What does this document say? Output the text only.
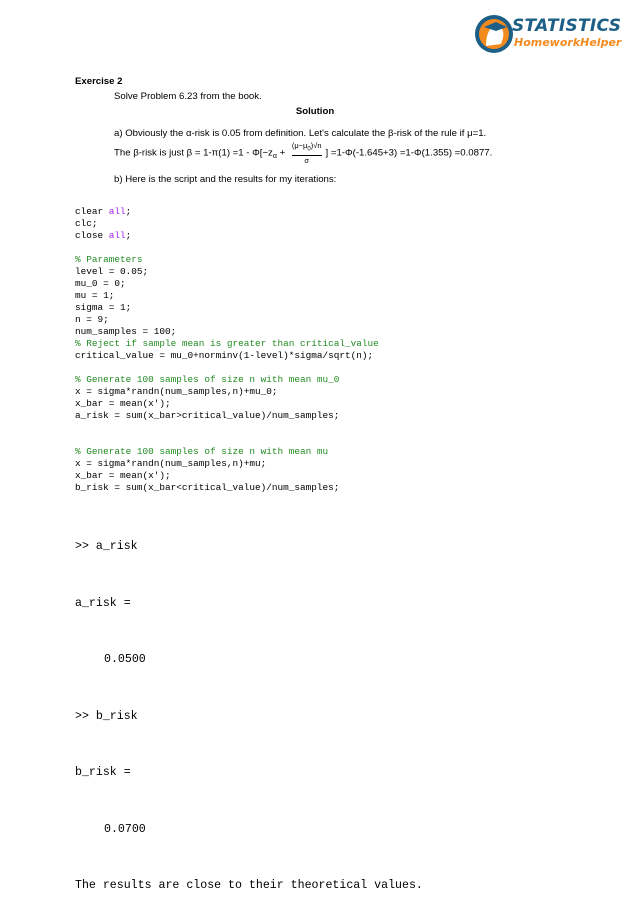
STATISTICS
HomeworkHelper
Exercise 2
Solve Problem 6.23 from the book.
Solution
a) Obviously the α-risk is 0.05 from definition. Let's calculate the β-risk of the rule if μ=1.
The β-risk is just $\beta = 1-\pi(1) =1 - \Phi[-z_\alpha + \frac{(\mu-\mu_0)√n}{\sigma}$ ] =1-Φ(-1.645+3) =1-Φ(1.355) =0.0877.
b) Here is the script and the results for my iterations:
clear all;
clc;
close all;
% Parameters
level = 0.05;
mu_0 = 0;
mu = 1;
sigma = 1;
n = 9;
num_samples = 100;
% Reject if sample mean is greater than critical_value
critical_value = mu_0+norminv(1-level)*sigma/sqrt(n);
% Generate 100 samples of size n with mean mu_0
x = sigma*randn(num_samples,n)+mu_0;
x_bar = mean(x');
a_risk = sum(x_bar>critical_value)/num_samples;
% Generate 100 samples of size n with mean mu
x = sigma*randn(num_samples,n)+mu;
x_bar = mean(x');
b_risk = sum(x_bar<critical_value)/num_samples;

>> a_risk

a_risk =

0.0500

>> b_risk

b_risk =

0.0700

The results are close to their theoretical values.
